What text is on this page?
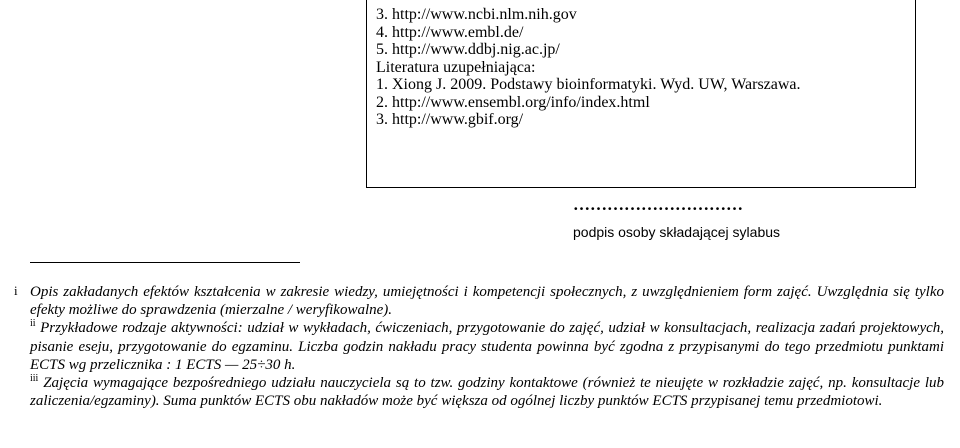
3. http://www.ncbi.nlm.nih.gov
4. http://www.embl.de/
5. http://www.ddbj.nig.ac.jp/
Literatura uzupełniająca:
1. Xiong J. 2009. Podstawy bioinformatyki. Wyd. UW, Warszawa.
2. http://www.ensembl.org/info/index.html
3. http://www.gbif.org/
…………………………
podpis osoby składającej sylabus

i Opis zakładanych efektów kształcenia w zakresie wiedzy, umiejętności i kompetencji społecznych, z uwzględnieniem form zajęć. Uwzględnia się tylko efekty możliwe do sprawdzenia (mierzalne / weryfikowalne).

$^{ii}$ Przykładowe rodzaje aktywności: udział w wykładach, ćwiczeniach, przygotowanie do zajęć, udział w konsultacjach, realizacja zadań projektowych, pisanie eseju, przygotowanie do egzaminu. Liczba godzin nakładu pracy studenta powinna być zgodna z przypisanymi do tego przedmiotu punktami ECTS wg przelicznika : 1 ECTS — 25÷30 h.

$^{iii}$ Zajęcia wymagające bezpośredniego udziału nauczyciela są to tzw. godziny kontaktowe (również te nieujęte w rozkładzie zajęć, np. konsultacje lub zaliczenia/egzaminy). Suma punktów ECTS obu nakładów może być większa od ogólnej liczby punktów ECTS przypisanej temu przedmiotowi.
